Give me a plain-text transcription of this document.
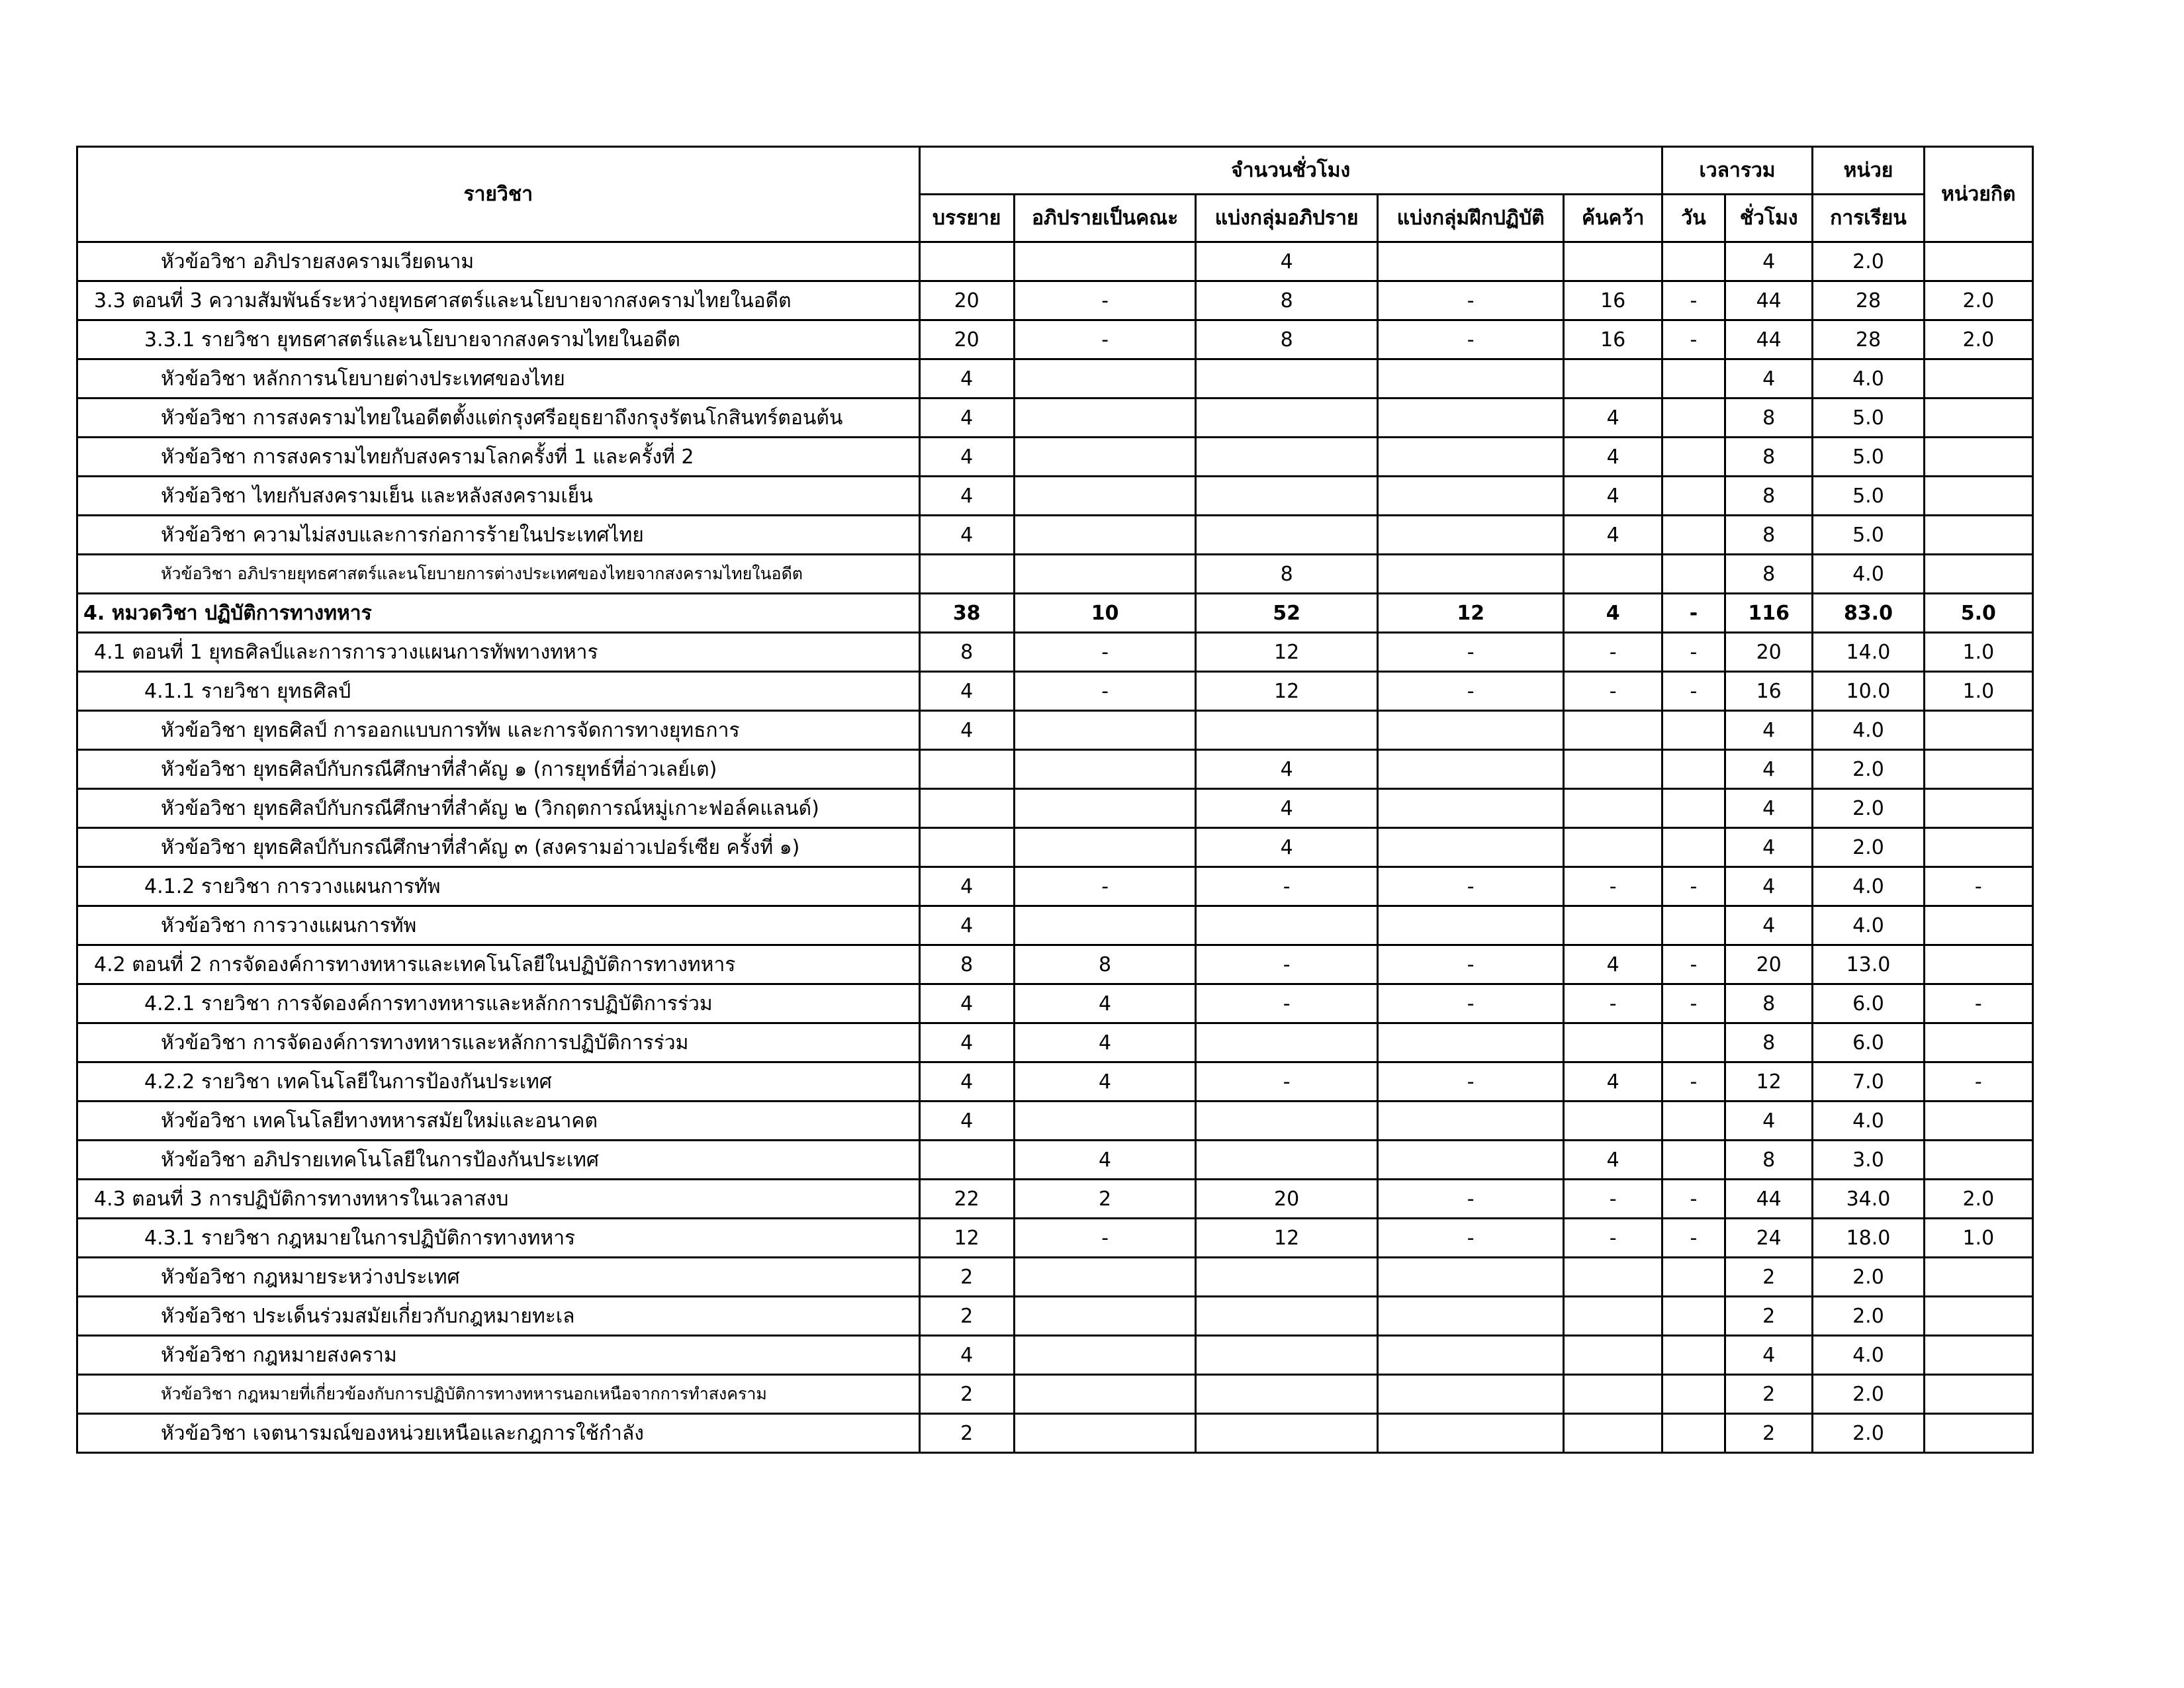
รายวิชา	จำนวนชั่วโมง					เวลารวม		หน่วย	หน่วยกิต
	บรรยาย	อภิปรายเป็นคณะ	แบ่งกลุ่มอภิปราย	แบ่งกลุ่มฝึกปฏิบัติ	ค้นคว้า	วัน	ชั่วโมง	การเรียน	
หัวข้อวิชา อภิปรายสงครามเวียดนาม			4				4	2.0	
3.3 ตอนที่ 3 ความสัมพันธ์ระหว่างยุทธศาสตร์และนโยบายจากสงครามไทยในอดีต	20	-	8	-	16	-	44	28	2.0
3.3.1 รายวิชา ยุทธศาสตร์และนโยบายจากสงครามไทยในอดีต	20	-	8	-	16	-	44	28	2.0
หัวข้อวิชา หลักการนโยบายต่างประเทศของไทย	4						4	4.0	
หัวข้อวิชา การสงครามไทยในอดีตตั้งแต่กรุงศรีอยุธยาถึงกรุงรัตนโกสินทร์ตอนต้น	4				4		8	5.0	
หัวข้อวิชา การสงครามไทยกับสงครามโลกครั้งที่ 1 และครั้งที่ 2	4				4		8	5.0	
หัวข้อวิชา ไทยกับสงครามเย็น และหลังสงครามเย็น	4				4		8	5.0	
หัวข้อวิชา ความไม่สงบและการก่อการร้ายในประเทศไทย	4				4		8	5.0	
หัวข้อวิชา อภิปรายยุทธศาสตร์และนโยบายการต่างประเทศของไทยจากสงครามไทยในอดีต			8				8	4.0	
4. หมวดวิชา ปฏิบัติการทางทหาร	38	10	52	12	4	-	116	83.0	5.0
4.1 ตอนที่ 1 ยุทธศิลป์และการการวางแผนการทัพทางทหาร	8	-	12	-	-	-	20	14.0	1.0
4.1.1 รายวิชา ยุทธศิลป์	4	-	12	-	-	-	16	10.0	1.0
หัวข้อวิชา ยุทธศิลป์ การออกแบบการทัพ และการจัดการทางยุทธการ	4						4	4.0	
หัวข้อวิชา ยุทธศิลป์กับกรณีศึกษาที่สำคัญ ๑ (การยุทธ์ที่อ่าวเลย์เต)			4				4	2.0	
หัวข้อวิชา ยุทธศิลป์กับกรณีศึกษาที่สำคัญ ๒ (วิกฤตการณ์หมู่เกาะฟอล์คแลนด์)			4				4	2.0	
หัวข้อวิชา ยุทธศิลป์กับกรณีศึกษาที่สำคัญ ๓ (สงครามอ่าวเปอร์เซีย ครั้งที่ ๑)			4				4	2.0	
4.1.2 รายวิชา การวางแผนการทัพ	4	-	-	-	-	-	4	4.0	-
หัวข้อวิชา การวางแผนการทัพ	4						4	4.0	
4.2 ตอนที่ 2 การจัดองค์การทางทหารและเทคโนโลยีในปฏิบัติการทางทหาร	8	8	-	-	4	-	20	13.0	
4.2.1 รายวิชา การจัดองค์การทางทหารและหลักการปฏิบัติการร่วม	4	4	-	-	-	-	8	6.0	-
หัวข้อวิชา การจัดองค์การทางทหารและหลักการปฏิบัติการร่วม	4	4					8	6.0	
4.2.2 รายวิชา เทคโนโลยีในการป้องกันประเทศ	4	4	-	-	4	-	12	7.0	-
หัวข้อวิชา เทคโนโลยีทางทหารสมัยใหม่และอนาคต	4						4	4.0	
หัวข้อวิชา อภิปรายเทคโนโลยีในการป้องกันประเทศ		4			4		8	3.0	
4.3 ตอนที่ 3 การปฏิบัติการทางทหารในเวลาสงบ	22	2	20	-	-	-	44	34.0	2.0
4.3.1 รายวิชา กฎหมายในการปฏิบัติการทางทหาร	12	-	12	-	-	-	24	18.0	1.0
หัวข้อวิชา กฎหมายระหว่างประเทศ	2						2	2.0	
หัวข้อวิชา ประเด็นร่วมสมัยเกี่ยวกับกฎหมายทะเล	2						2	2.0	
หัวข้อวิชา กฎหมายสงคราม	4						4	4.0	
หัวข้อวิชา กฎหมายที่เกี่ยวข้องกับการปฏิบัติการทางทหารนอกเหนือจากการทำสงคราม	2						2	2.0	
หัวข้อวิชา เจตนารมณ์ของหน่วยเหนือและกฎการใช้กำลัง	2						2	2.0	
